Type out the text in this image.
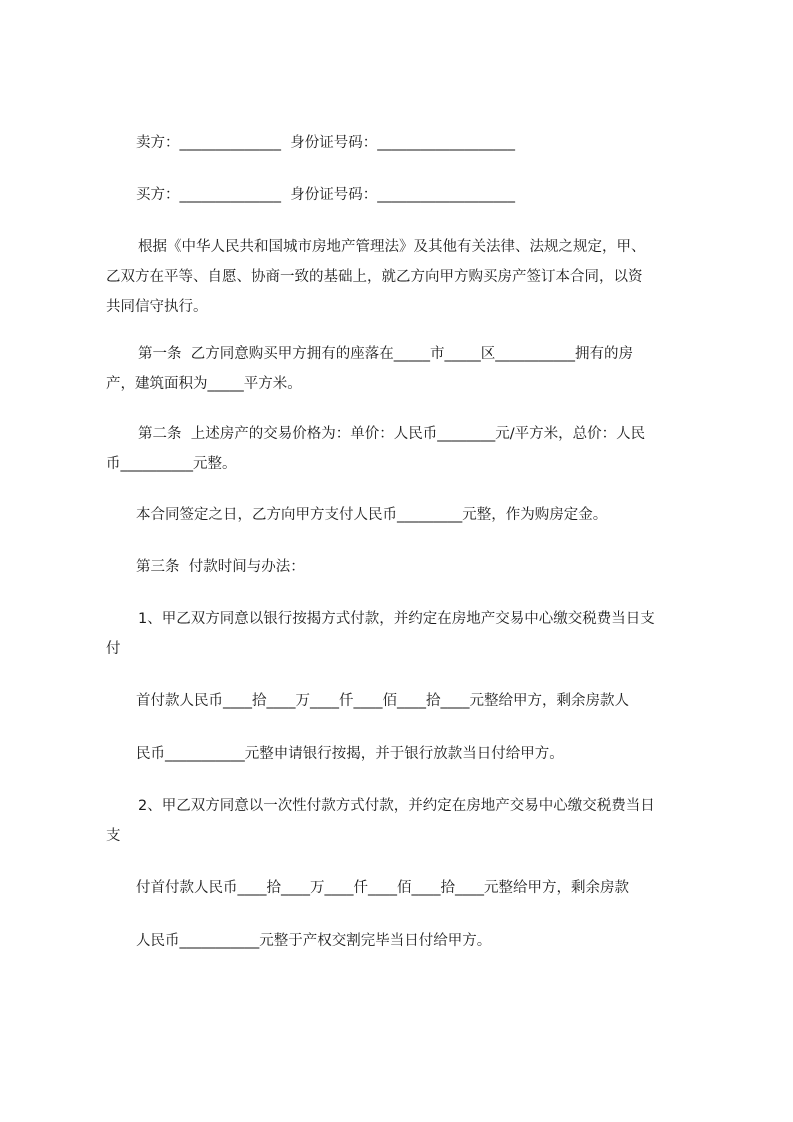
卖方：______________  身份证号码：___________________
买方：______________  身份证号码：___________________
根据《中华人民共和国城市房地产管理法》及其他有关法律、法规之规定，甲、
乙双方在平等、自愿、协商一致的基础上，就乙方向甲方购买房产签订本合同，以资
共同信守执行。
第一条  乙方同意购买甲方拥有的座落在_____市_____区___________拥有的房
产，建筑面积为_____平方米。
第二条  上述房产的交易价格为：单价：人民币________元/平方米，总价：人民
币__________元整。
本合同签定之日，乙方向甲方支付人民币_________元整，作为购房定金。
第三条  付款时间与办法：
1、甲乙双方同意以银行按揭方式付款，并约定在房地产交易中心缴交税费当日支
付
首付款人民币____拾____万____仟____佰____拾____元整给甲方，剩余房款人
民币___________元整申请银行按揭，并于银行放款当日付给甲方。
2、甲乙双方同意以一次性付款方式付款，并约定在房地产交易中心缴交税费当日
支
付首付款人民币____拾____万____仟____佰____拾____元整给甲方，剩余房款
人民币___________元整于产权交割完毕当日付给甲方。
